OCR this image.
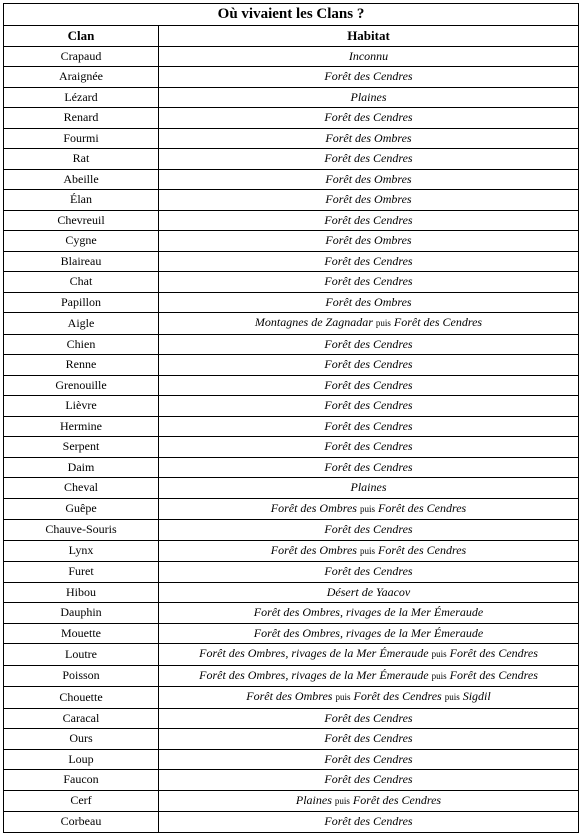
Où vivaient les Clans ?	
Clan	Habitat
Crapaud	Inconnu
Araignée	Forêt des Cendres
Lézard	Plaines
Renard	Forêt des Cendres
Fourmi	Forêt des Ombres
Rat	Forêt des Cendres
Abeille	Forêt des Ombres
Élan	Forêt des Ombres
Chevreuil	Forêt des Cendres
Cygne	Forêt des Ombres
Blaireau	Forêt des Cendres
Chat	Forêt des Cendres
Papillon	Forêt des Ombres
Aigle	Montagnes de Zagnadar puis Forêt des Cendres
Chien	Forêt des Cendres
Renne	Forêt des Cendres
Grenouille	Forêt des Cendres
Lièvre	Forêt des Cendres
Hermine	Forêt des Cendres
Serpent	Forêt des Cendres
Daim	Forêt des Cendres
Cheval	Plaines
Guêpe	Forêt des Ombres puis Forêt des Cendres
Chauve-Souris	Forêt des Cendres
Lynx	Forêt des Ombres puis Forêt des Cendres
Furet	Forêt des Cendres
Hibou	Désert de Yaacov
Dauphin	Forêt des Ombres, rivages de la Mer Émeraude
Mouette	Forêt des Ombres, rivages de la Mer Émeraude
Loutre	Forêt des Ombres, rivages de la Mer Émeraude puis Forêt des Cendres
Poisson	Forêt des Ombres, rivages de la Mer Émeraude puis Forêt des Cendres
Chouette	Forêt des Ombres puis Forêt des Cendres puis Sigdil
Caracal	Forêt des Cendres
Ours	Forêt des Cendres
Loup	Forêt des Cendres
Faucon	Forêt des Cendres
Cerf	Plaines puis Forêt des Cendres
Corbeau	Forêt des Cendres
